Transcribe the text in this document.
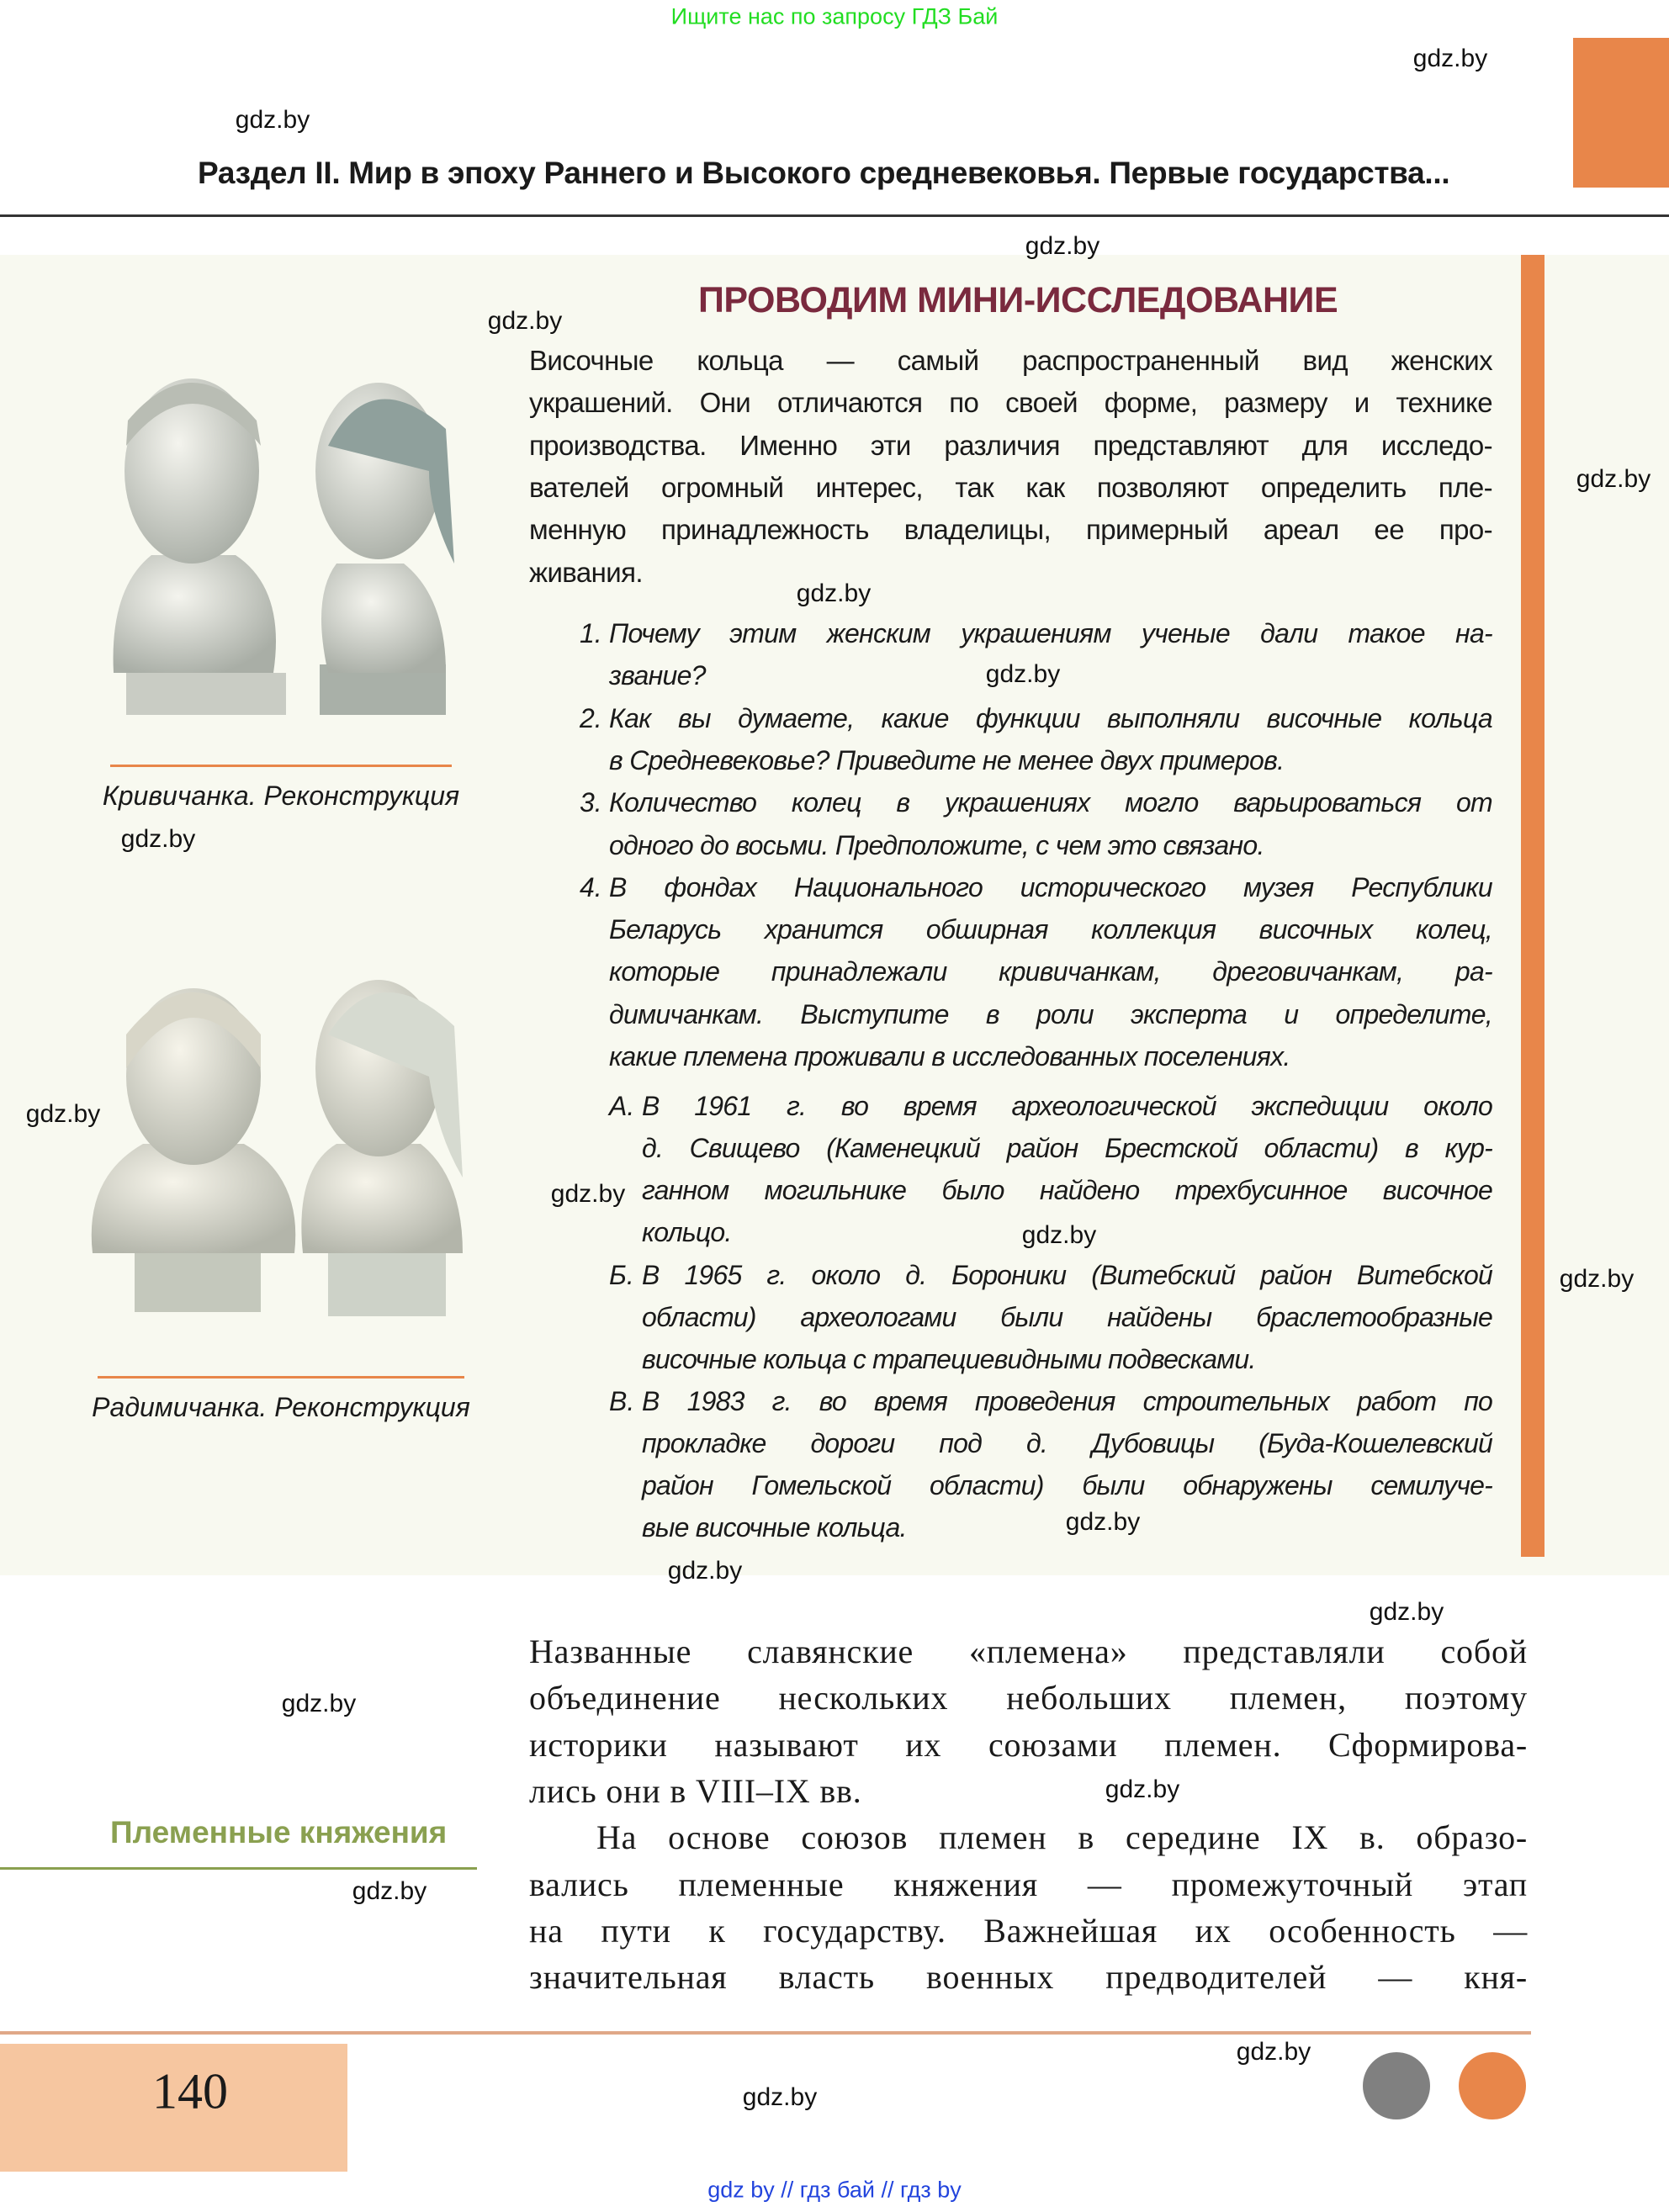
Ищите нас по запросу ГДЗ Бай
Раздел II. Мир в эпоху Раннего и Высокого средневековья. Первые государства...
ПРОВОДИМ МИНИ-ИССЛЕДОВАНИЕ
Височные кольца — самый распространенный вид женских
украшений. Они отличаются по своей форме, размеру и технике
производства. Именно эти различия представляют для исследо-
вателей огромный интерес, так как позволяют определить пле-
менную принадлежность владелицы, примерный ареал ее про-
живания.
1. Почему этим женским украшениям ученые дали такое на-
звание?
2. Как вы думаете, какие функции выполняли височные кольца
в Средневековье? Приведите не менее двух примеров.
3. Количество колец в украшениях могло варьироваться от
одного до восьми. Предположите, с чем это связано.
4. В фондах Национального исторического музея Республики
Беларусь хранится обширная коллекция височных колец,
которые принадлежали кривичанкам, дреговичанкам, ра-
димичанкам. Выступите в роли эксперта и определите,
какие племена проживали в исследованных поселениях.
А. В 1961 г. во время археологической экспедиции около
д. Свищево (Каменецкий район Брестской области) в кур-
ганном могильнике было найдено трехбусинное височное
кольцо.
Б. В 1965 г. около д. Бороники (Витебский район Витебской
области) археологами были найдены браслетообразные
височные кольца с трапециевидными подвесками.
В. В 1983 г. во время проведения строительных работ по
прокладке дороги под д. Дубовицы (Буда-Кошелевский
район Гомельской области) были обнаружены семилуче-
вые височные кольца.
Кривичанка. Реконструкция
Радимичанка. Реконструкция
Племенные княжения
Названные славянские «племена» представляли собой
объединение нескольких небольших племен, поэтому
историки называют их союзами племен. Сформирова-
лись они в VIII–IX вв.
На основе союзов племен в середине IX в. образо-
вались племенные княжения — промежуточный этап
на пути к государству. Важнейшая их особенность —
значительная власть военных предводителей — кня-
140
gdz by // гдз бай // гдз by
gdz.by
gdz.by
gdz.by
gdz.by
gdz.by
gdz.by
gdz.by
gdz.by
gdz.by
gdz.by
gdz.by
gdz.by
gdz.by
gdz.by
gdz.by
gdz.by
gdz.by
gdz.by
gdz.by
gdz.by
